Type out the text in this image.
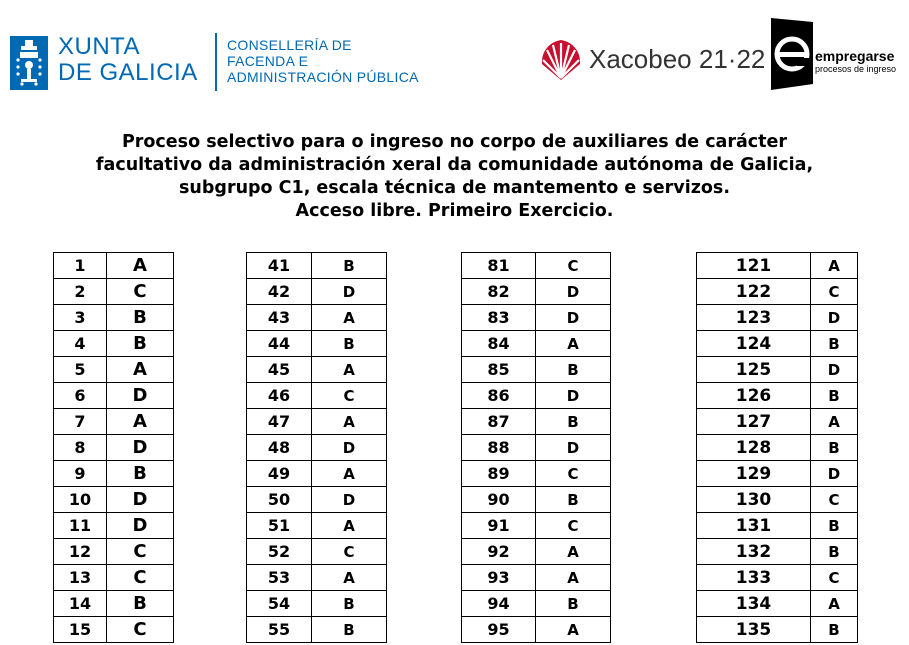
XUNTA
DE GALICIA
CONSELLERÍA DE
FACENDA E
ADMINISTRACIÓN PÚBLICA
Xacobeo 21·22	empregarse
procesos de ingreso
Proceso selectivo para o ingreso no corpo de auxiliares de carácter
facultativo da administración xeral da comunidade autónoma de Galicia,
subgrupo C1, escala técnica de mantemento e servizos.
Acceso libre. Primeiro Exercicio.
1	A
2	C
3	B
4	B
5	A
6	D
7	A
8	D
9	B
10	D
11	D
12	C
13	C
14	B
15	C
41	B
42	D
43	A
44	B
45	A
46	C
47	A
48	D
49	A
50	D
51	A
52	C
53	A
54	B
55	B
81	C
82	D
83	D
84	A
85	B
86	D
87	B
88	D
89	C
90	B
91	C
92	A
93	A
94	B
95	A
121	A
122	C
123	D
124	B
125	D
126	B
127	A
128	B
129	D
130	C
131	B
132	B
133	C
134	A
135	B
